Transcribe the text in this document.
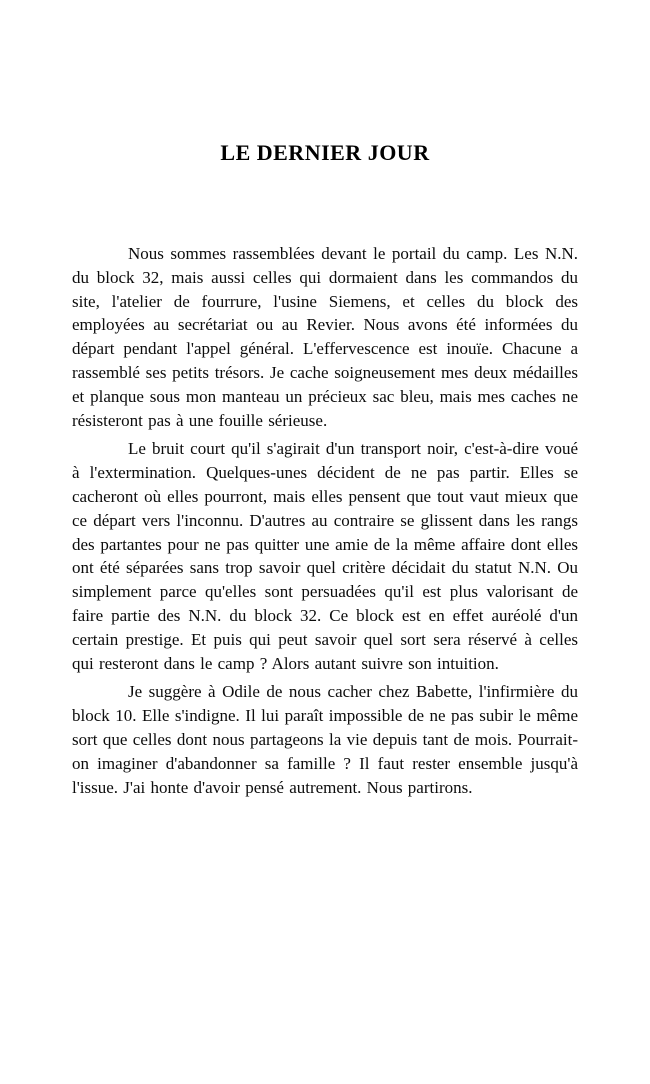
LE DERNIER JOUR

Nous sommes rassemblées devant le portail du camp. Les N.N. du block 32, mais aussi celles qui dormaient dans les commandos du site, l'atelier de fourrure, l'usine Siemens, et celles du block des employées au secrétariat ou au Revier. Nous avons été informées du départ pendant l'appel général. L'effervescence est inouïe. Chacune a rassemblé ses petits trésors. Je cache soigneusement mes deux médailles et planque sous mon manteau un précieux sac bleu, mais mes caches ne résisteront pas à une fouille sérieuse.

Le bruit court qu'il s'agirait d'un transport noir, c'est-à-dire voué à l'extermination. Quelques-unes décident de ne pas partir. Elles se cacheront où elles pourront, mais elles pensent que tout vaut mieux que ce départ vers l'inconnu. D'autres au contraire se glissent dans les rangs des partantes pour ne pas quitter une amie de la même affaire dont elles ont été séparées sans trop savoir quel critère décidait du statut N.N. Ou simplement parce qu'elles sont persuadées qu'il est plus valorisant de faire partie des N.N. du block 32. Ce block est en effet auréolé d'un certain prestige. Et puis qui peut savoir quel sort sera réservé à celles qui resteront dans le camp ? Alors autant suivre son intuition.

Je suggère à Odile de nous cacher chez Babette, l'infirmière du block 10. Elle s'indigne. Il lui paraît impossible de ne pas subir le même sort que celles dont nous partageons la vie depuis tant de mois. Pourrait-on imaginer d'abandonner sa famille ? Il faut rester ensemble jusqu'à l'issue. J'ai honte d'avoir pensé autrement. Nous partirons.
